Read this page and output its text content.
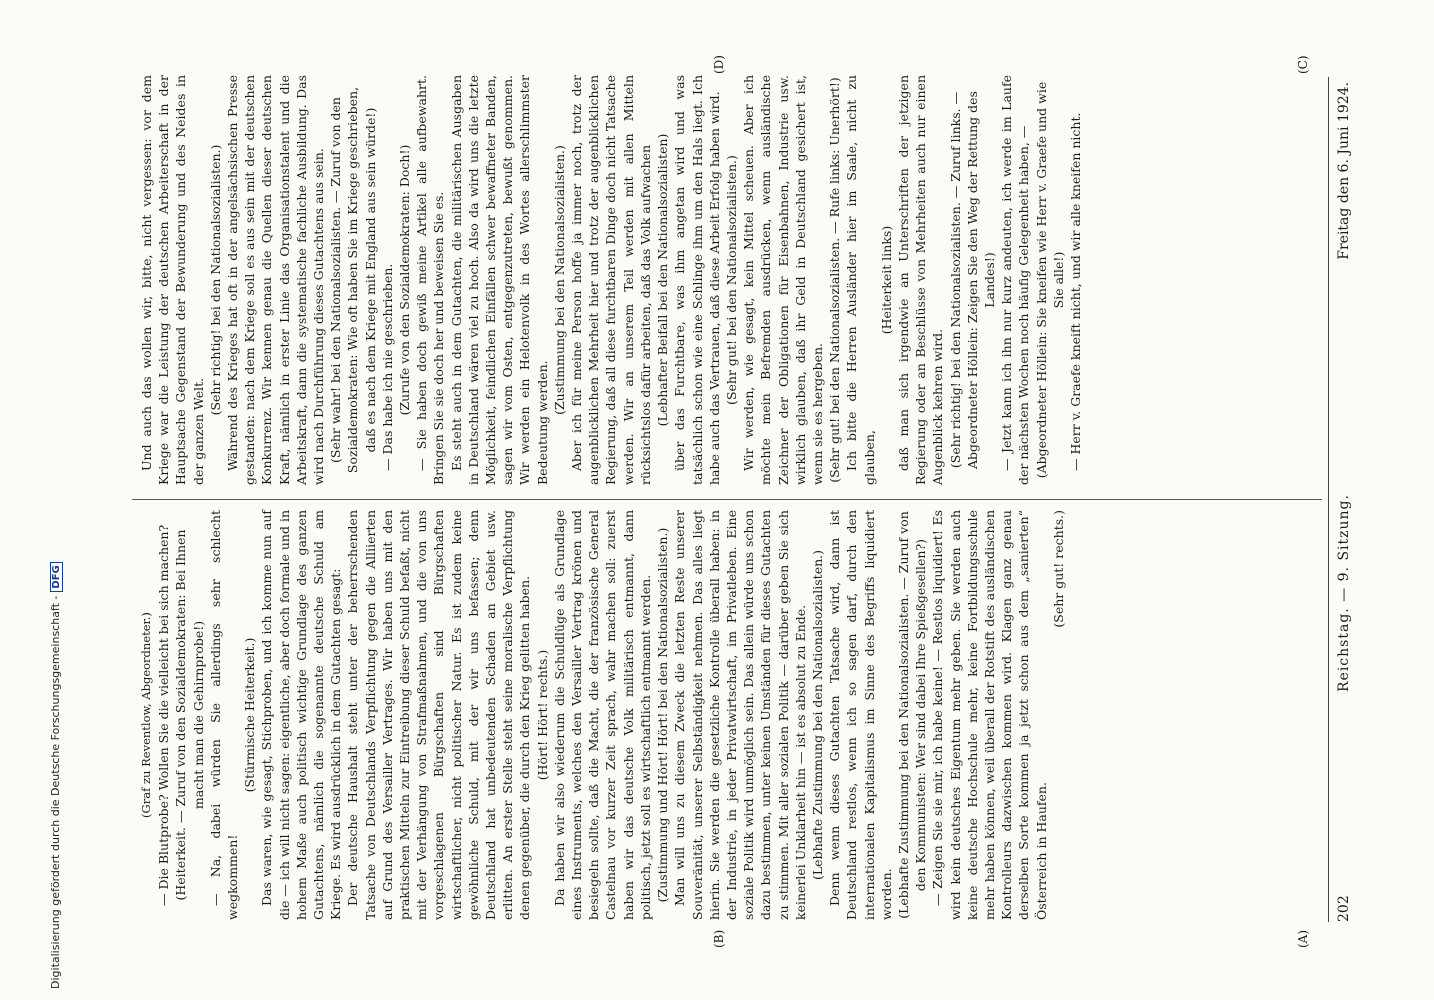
202
Reichstag. — 9. Sitzung.
Freitag den 6. Juni 1924.
(A)
(B)
(C)
(D)

(Graf zu Reventlow, Abgeordneter.) — Die Blutprobe? Wollen Sie die vielleicht bei sich machen? (Heiterkeit. — Zuruf von den Sozialdemokraten: Bei Ihnen macht man die Gehirnprobe!) — Na, dabei würden Sie allerdings sehr schlecht wegkommen!

(Stürmische Heiterkeit.) Das waren, wie gesagt, Stichproben, und ich komme nun auf die — ich will nicht sagen: eigentliche, aber doch formale und in hohem Maße auch politisch wichtige Grundlage des ganzen Gutachtens, nämlich die sogenannte deutsche Schuld am Kriege. Es wird ausdrücklich in dem Gutachten gesagt: Der deutsche Haushalt steht unter der beherrschenden Tatsache von Deutschlands Verpflichtung gegen die Alliierten auf Grund des Versailler Vertrages. Wir haben uns mit den praktischen Mitteln zur Eintreibung dieser Schuld befaßt, nicht mit der Verhängung von Strafmaßnahmen, und die von uns vorgeschlagenen Bürgschaften sind Bürgschaften wirtschaftlicher, nicht politischer Natur. Es ist zudem keine gewöhnliche Schuld, mit der wir uns befassen; denn Deutschland hat unbedeutenden Schaden an Gebiet usw. erlitten. An erster Stelle steht seine moralische Verpflichtung denen gegenüber, die durch den Krieg gelitten haben. (Hört! Hört! rechts.) Da haben wir also wiederum die Schuldlüge als Grundlage eines Instruments, welches den Versailler Vertrag krönen und besiegeln sollte, daß die Macht, die der französische General Castelnau vor kurzer Zeit sprach, wahr machen soll: zuerst haben wir das deutsche Volk militärisch entmannt, dann politisch, jetzt soll es wirtschaftlich entmannt werden. (Zustimmung und Hört! Hört! bei den Nationalsozialisten.) Man will uns zu diesem Zweck die letzten Reste unserer Souveränität, unserer Selbständigkeit nehmen. Das alles liegt hierin. Sie werden die gesetzliche Kontrolle überall haben: in der Industrie, in jeder Privatwirtschaft, im Privatleben. Eine soziale Politik wird unmöglich sein. Das allein würde uns schon dazu bestimmen, unter keinen Umständen für dieses Gutachten zu stimmen. Mit aller sozialen Politik — darüber geben Sie sich keinerlei Unklarheit hin — ist es absolut zu Ende. (Lebhafte Zustimmung bei den Nationalsozialisten.) Denn wenn dieses Gutachten Tatsache wird, dann ist Deutschland restlos, wenn ich so sagen darf, durch den internationalen Kapitalismus im Sinne des Begriffs liquidiert worden. (Lebhafte Zustimmung bei den Nationalsozialisten. — Zuruf von den Kommunisten: Wer sind dabei Ihre Spießgesellen?) — Zeigen Sie sie mir, ich habe keine! — Restlos liquidiert! Es wird kein deutsches Eigentum mehr geben. Sie werden auch keine deutsche Hochschule mehr, keine Fortbildungsschule mehr haben können, weil überall der Rotstift des ausländischen Kontrolleurs dazwischen kommen wird. Klagen ganz genau derselben Sorte kommen ja jetzt schon aus dem „sanierten“ Österreich in Haufen.

(Sehr gut! rechts.)

Und auch das wollen wir, bitte, nicht vergessen: vor dem Kriege war die Leistung der deutschen Arbeiterschaft in der Hauptsache Gegenstand der Bewunderung und des Neides in der ganzen Welt.

(Sehr richtig! bei den Nationalsozialisten.) Während des Krieges hat oft in der angelsächsischen Presse gestanden: nach dem Kriege soll es aus sein mit der deutschen Konkurrenz. Wir kennen genau die Quellen dieser deutschen Kraft, nämlich in erster Linie das Organisationstalent und die Arbeitskraft, dann die systematische fachliche Ausbildung. Das wird nach Durchführung dieses Gutachtens aus sein. (Sehr wahr! bei den Nationalsozialisten. — Zuruf von den Sozialdemokraten: Wie oft haben Sie im Kriege geschrieben, daß es nach dem Kriege mit England aus sein würde!) — Das habe ich nie geschrieben. (Zurufe von den Sozialdemokraten: Doch!) — Sie haben doch gewiß meine Artikel alle aufbewahrt. Bringen Sie sie doch her und beweisen Sie es. Es steht auch in dem Gutachten, die militärischen Ausgaben in Deutschland wären viel zu hoch. Also da wird uns die letzte Möglichkeit, feindlichen Einfällen schwer bewaffneter Banden, sagen wir vom Osten, entgegenzutreten, bewußt genommen. Wir werden ein Helotenvolk in des Wortes allerschlimmster Bedeutung werden.

(Zustimmung bei den Nationalsozialisten.) Aber ich für meine Person hoffe ja immer noch, trotz der augenblicklichen Mehrheit hier und trotz der augenblicklichen Regierung, daß all diese furchtbaren Dinge doch nicht Tatsache werden. Wir an unserem Teil werden mit allen Mitteln rücksichtslos dafür arbeiten, daß das Volk aufwachen (Lebhafter Beifall bei den Nationalsozialisten) über das Furchtbare, was ihm angetan wird und was tatsächlich schon wie eine Schlinge ihm um den Hals liegt. Ich habe auch das Vertrauen, daß diese Arbeit Erfolg haben wird. (Sehr gut! bei den Nationalsozialisten.) Wir werden, wie gesagt, kein Mittel scheuen. Aber ich möchte mein Befremden ausdrücken, wenn ausländische Zeichner der Obligationen für Eisenbahnen, Industrie usw. wirklich glauben, daß ihr Geld in Deutschland gesichert ist, wenn sie es hergeben. (Sehr gut! bei den Nationalsozialisten. — Rufe links: Unerhört!) Ich bitte die Herren Ausländer hier im Saale, nicht zu glauben,

(Heiterkeit links) daß man sich irgendwie an Unterschriften der jetzigen Regierung oder an Beschlüsse von Mehrheiten auch nur einen Augenblick kehren wird. (Sehr richtig! bei den Nationalsozialisten. — Zuruf links. — Abgeordneter Höllein: Zeigen Sie den Weg der Rettung des Landes!) — Jetzt kann ich ihn nur kurz andeuten, ich werde im Laufe der nächsten Wochen noch häufig Gelegenheit haben, — (Abgeordneter Höllein: Sie kneifen wie Herr v. Graefe und wie Sie alle!) — Herr v. Graefe kneift nicht, und wir alle kneifen nicht.

Digitalisierung gefördert durch die Deutsche Forschungsgemeinschaft -DFG
